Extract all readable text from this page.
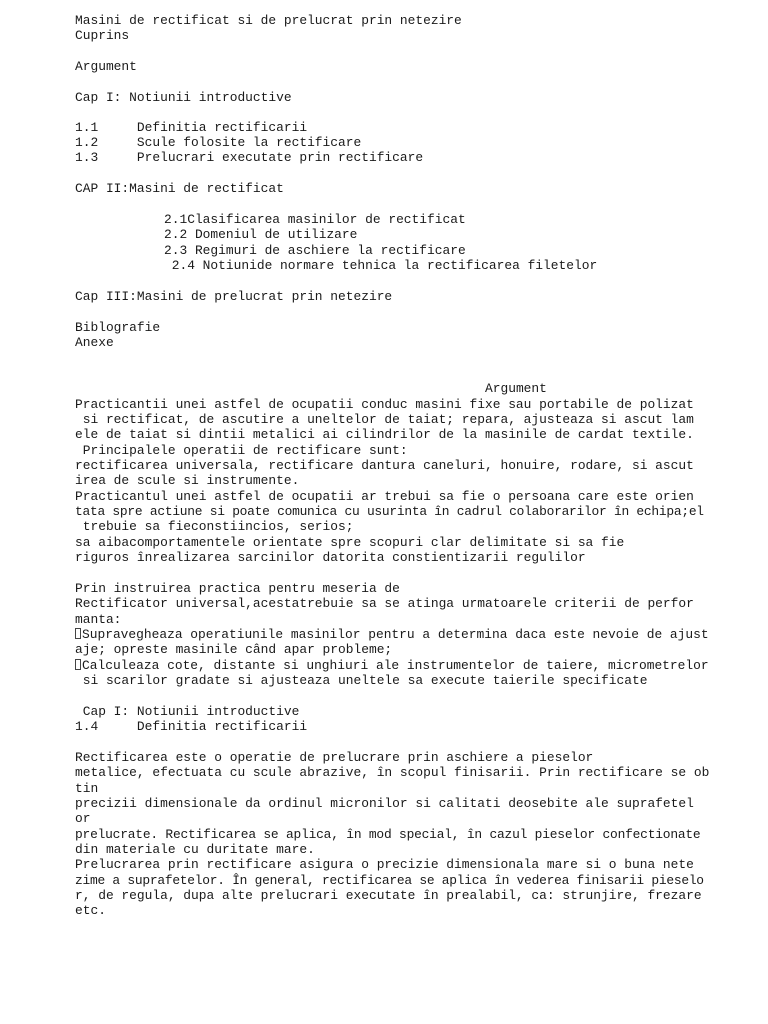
Masini de rectificat si de prelucrat prin netezire
Cuprins
Argument
Cap I: Notiunii introductive
1.1     Definitia rectificarii
1.2     Scule folosite la rectificare
1.3     Prelucrari executate prin rectificare
CAP II:Masini de rectificat
2.1Clasificarea masinilor de rectificat
2.2 Domeniul de utilizare
2.3 Regimuri de aschiere la rectificare
2.4 Notiunide normare tehnica la rectificarea filetelor
Cap III:Masini de prelucrat prin netezire
Biblografie
Anexe
Argument
Practicantii unei astfel de ocupatii conduc masini fixe sau portabile de polizat
si rectificat, de ascutire a uneltelor de taiat; repara, ajusteaza si ascut lam
ele de taiat si dintii metalici ai cilindrilor de la masinile de cardat textile.
Principalele operatii de rectificare sunt:
rectificarea universala, rectificare dantura caneluri, honuire, rodare, si ascut
irea de scule si instrumente.
Practicantul unei astfel de ocupatii ar trebui sa fie o persoana care este orien
tata spre actiune si poate comunica cu usurinta în cadrul colaborarilor în echipa;el
trebuie sa fieconstiincios, serios;
sa aibacomportamentele orientate spre scopuri clar delimitate si sa fie
riguros înrealizarea sarcinilor datorita constientizarii regulilor
Prin instruirea practica pentru meseria de
Rectificator universal,acestatrebuie sa se atinga urmatoarele criterii de perfor
manta:
Supravegheaza operatiunile masinilor pentru a determina daca este nevoie de ajust
aje; opreste masinile când apar probleme;
Calculeaza cote, distante si unghiuri ale instrumentelor de taiere, micrometrelor
si scarilor gradate si ajusteaza uneltele sa execute taierile specificate
Cap I: Notiunii introductive
1.4     Definitia rectificarii
Rectificarea este o operatie de prelucrare prin aschiere a pieselor
metalice, efectuata cu scule abrazive, în scopul finisarii. Prin rectificare se ob
tin
precizii dimensionale da ordinul micronilor si calitati deosebite ale suprafetel
or
prelucrate. Rectificarea se aplica, în mod special, în cazul pieselor confectionate
din materiale cu duritate mare.
Prelucrarea prin rectificare asigura o precizie dimensionala mare si o buna nete
zime a suprafetelor. În general, rectificarea se aplica în vederea finisarii pieselo
r, de regula, dupa alte prelucrari executate în prealabil, ca: strunjire, frezare
etc.
